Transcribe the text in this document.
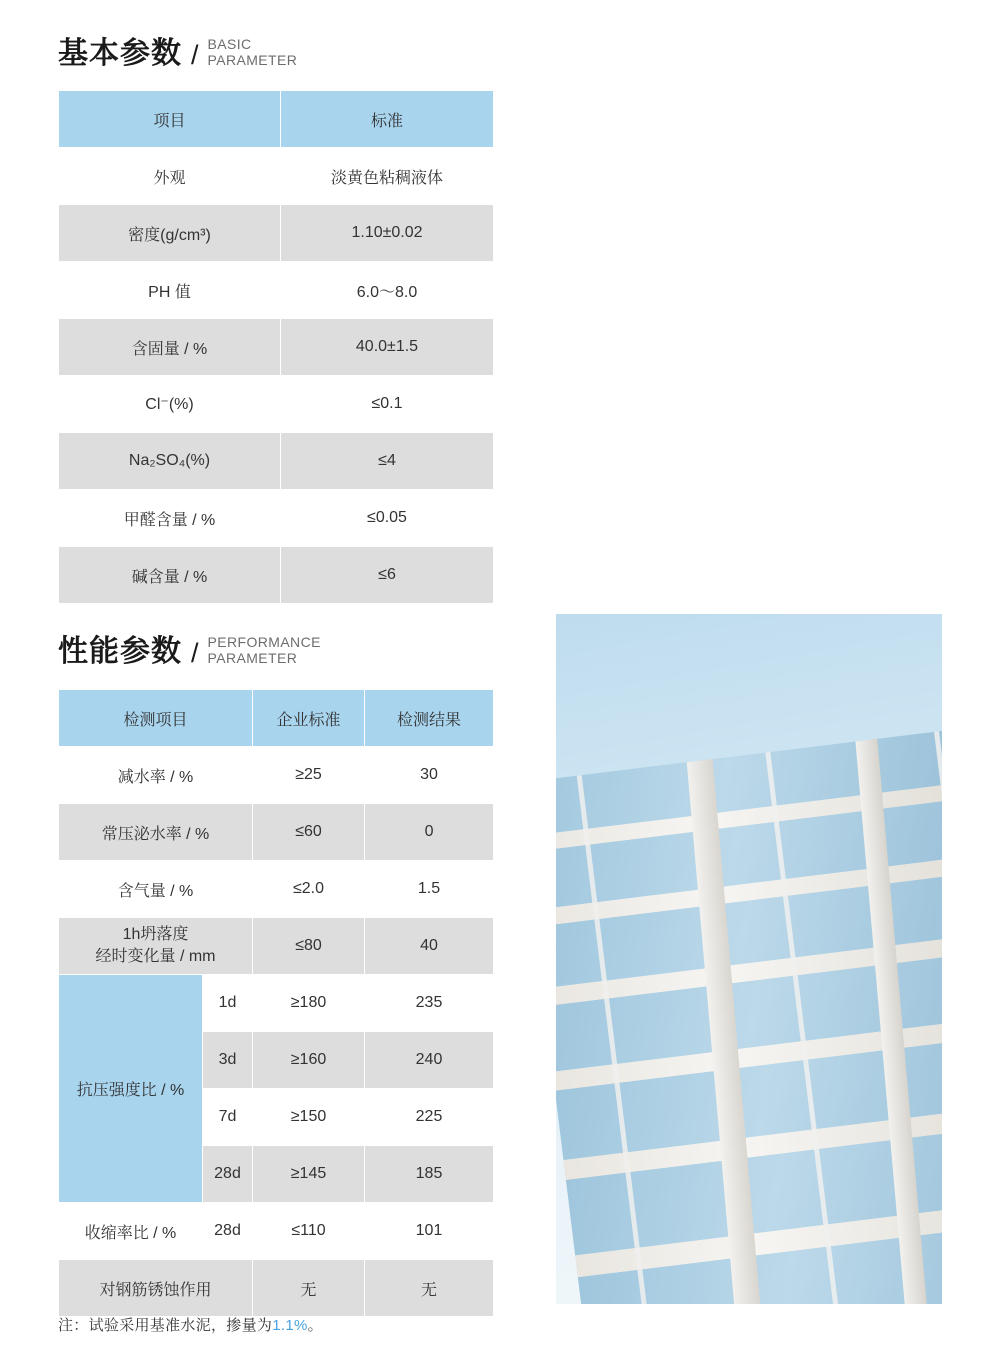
基本参数 / BASIC
PARAMETER
项目	标准
外观	淡黄色粘稠液体
密度(g/cm³)	1.10±0.02
PH 值	6.0～8.0
含固量 / %	40.0±1.5
Cl⁻(%)	≤0.1
Na₂SO₄(%)	≤4
甲醛含量 / %	≤0.05
碱含量 / %	≤6
性能参数 / PERFORMANCE
PARAMETER
检测项目		企业标准	检测结果
减水率 / %		≥25	30
常压泌水率 / %		≤60	0
含气量 / %		≤2.0	1.5

1h坍落度
经时变化量 / mm		≤80	40
抗压强度比 / %	1d	≥180	235
	3d	≥160	240
	7d	≥150	225
	28d	≥145	185
收缩率比 / %	28d	≤110	101
对钢筋锈蚀作用		无	无
注：试验采用基准水泥，掺量为1.1%。
